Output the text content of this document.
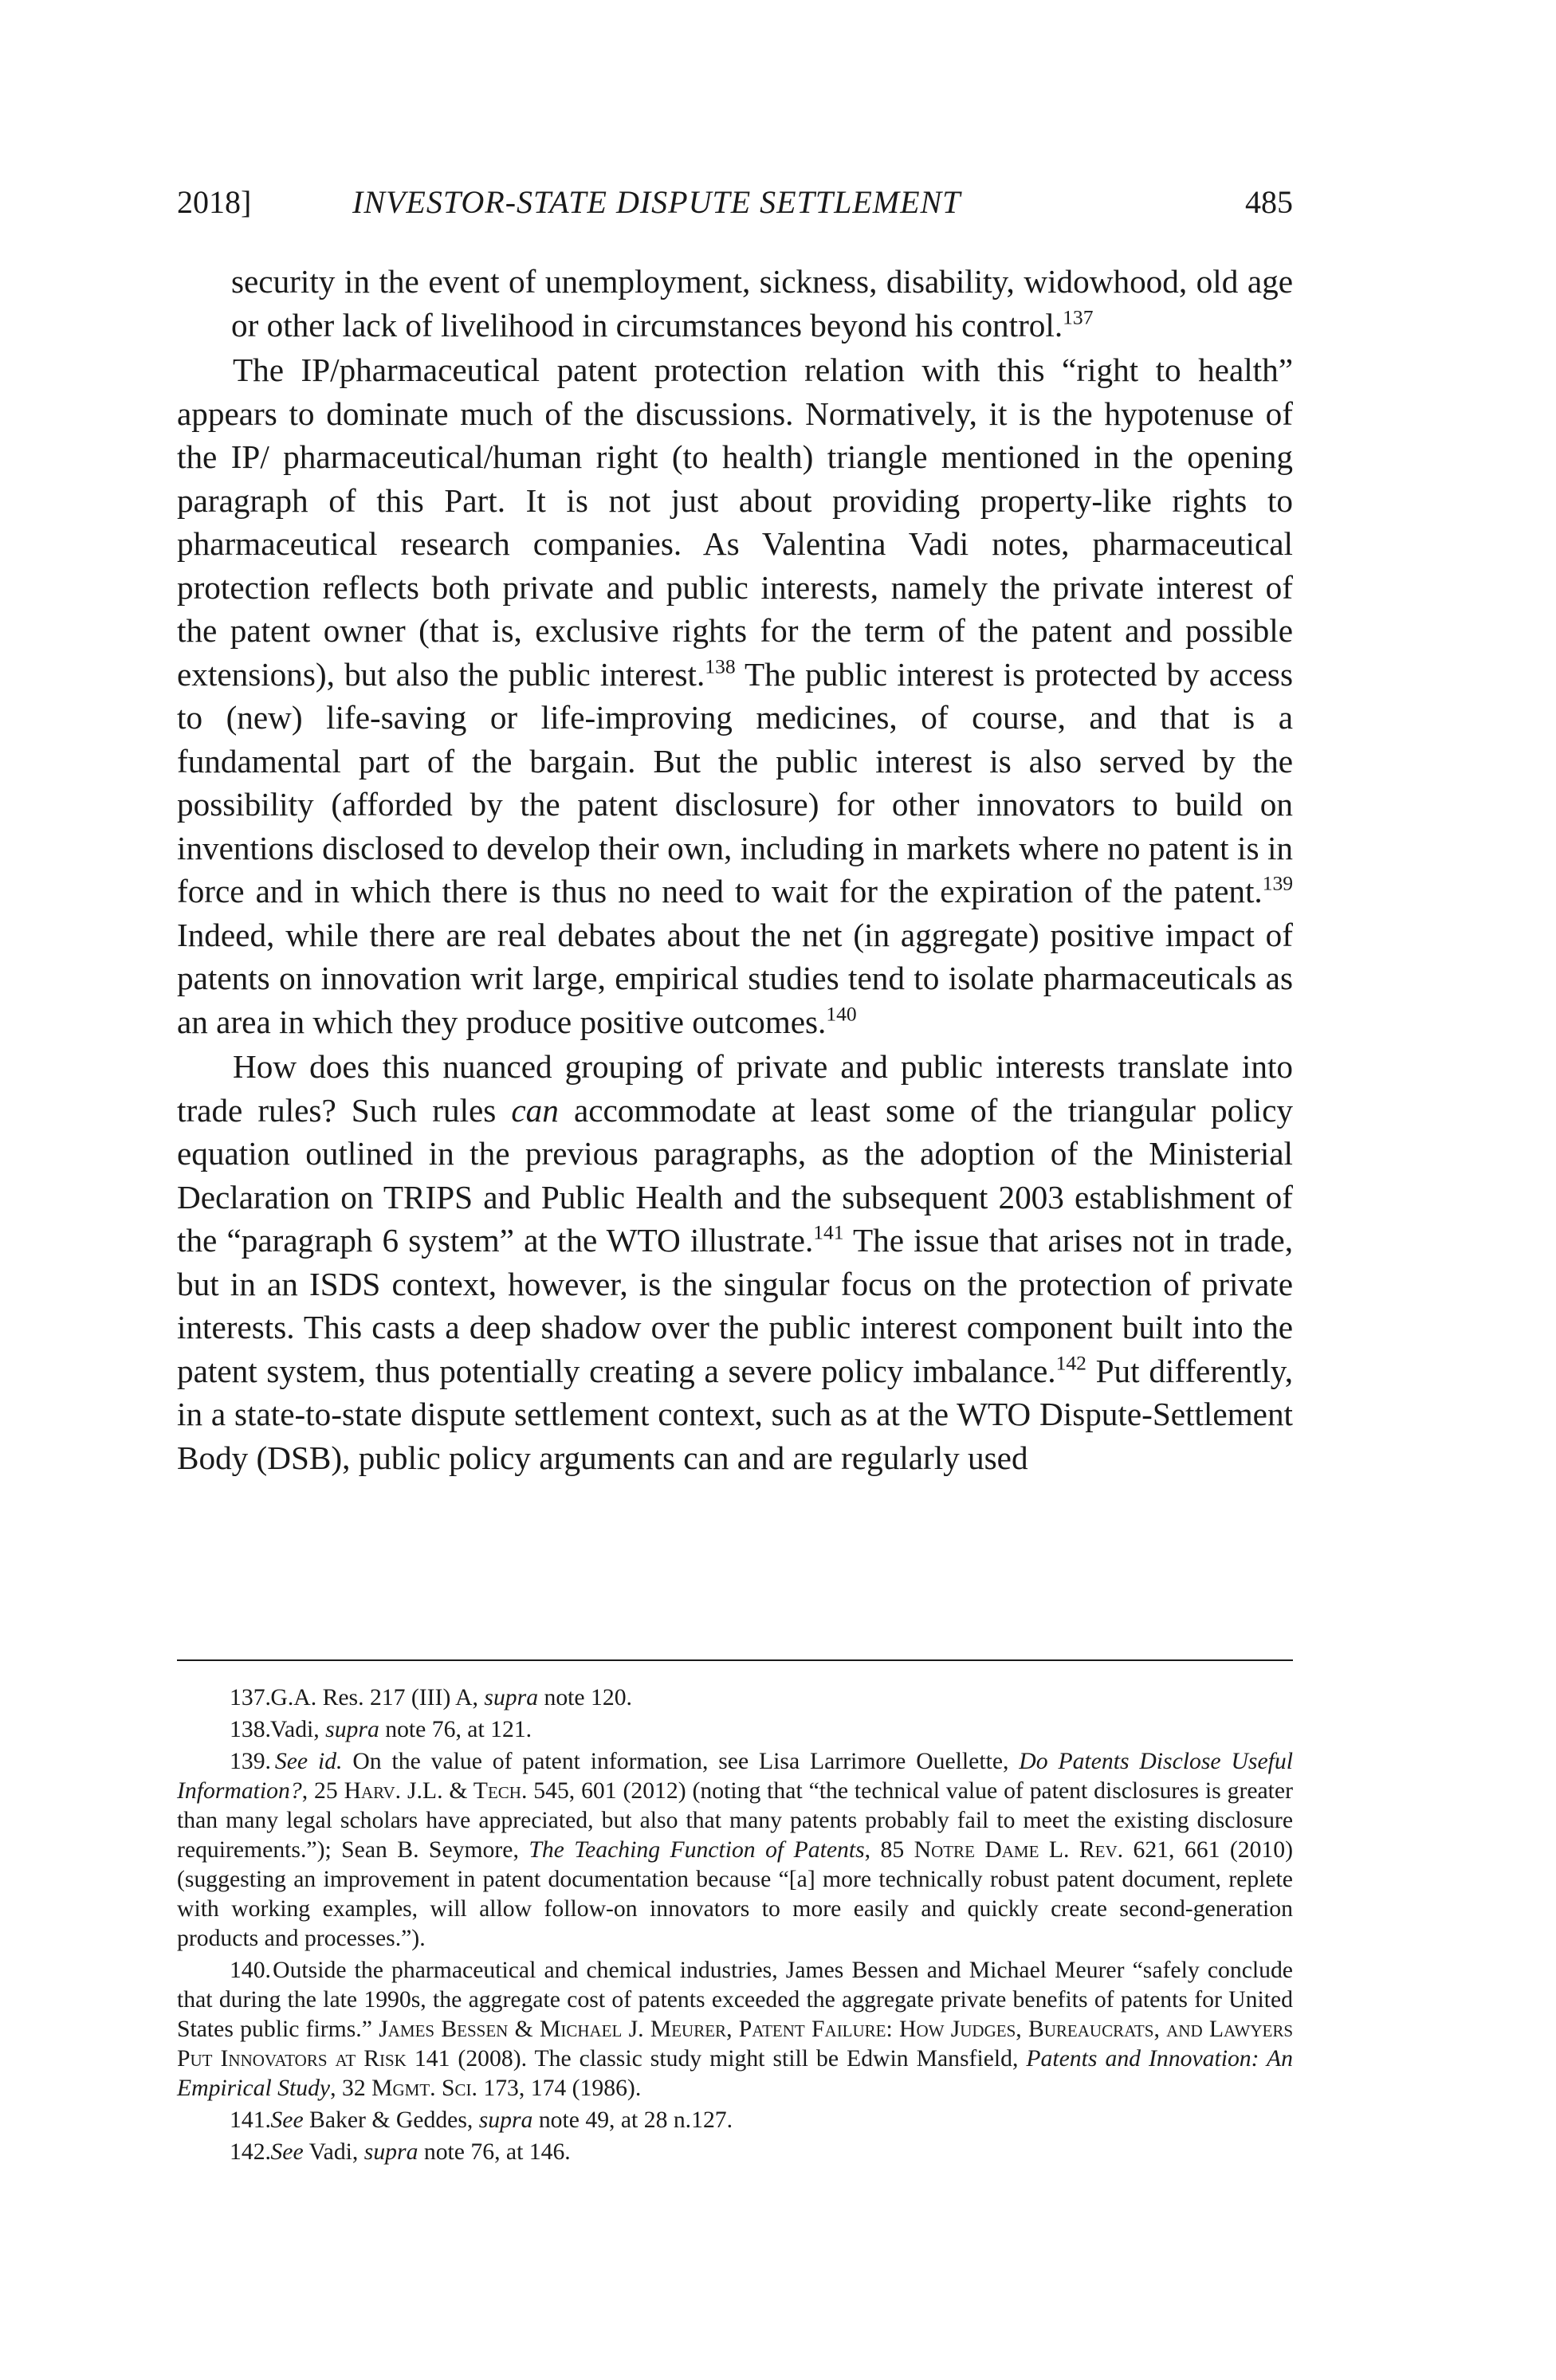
2018]	INVESTOR-STATE DISPUTE SETTLEMENT	485

security in the event of unemployment, sickness, disability, widowhood, old age or other lack of livelihood in circumstances beyond his control.$^{137}$

The IP/pharmaceutical patent protection relation with this “right to health” appears to dominate much of the discussions. Normatively, it is the hypotenuse of the IP/ pharmaceutical/human right (to health) triangle mentioned in the opening paragraph of this Part. It is not just about providing property-like rights to pharmaceutical research companies. As Valentina Vadi notes, pharmaceutical protection reflects both private and public interests, namely the private interest of the patent owner (that is, exclusive rights for the term of the patent and possible extensions), but also the public interest.$^{138}$ The public interest is protected by access to (new) life-saving or life-improving medicines, of course, and that is a fundamental part of the bargain. But the public interest is also served by the possibility (afforded by the patent disclosure) for other innovators to build on inventions disclosed to develop their own, including in markets where no patent is in force and in which there is thus no need to wait for the expiration of the patent.$^{139}$ Indeed, while there are real debates about the net (in aggregate) positive impact of patents on innovation writ large, empirical studies tend to isolate pharmaceuticals as an area in which they produce positive outcomes.$^{140}$

How does this nuanced grouping of private and public interests translate into trade rules? Such rules can accommodate at least some of the triangular policy equation outlined in the previous paragraphs, as the adoption of the Ministerial Declaration on TRIPS and Public Health and the subsequent 2003 establishment of the “paragraph 6 system” at the WTO illustrate.$^{141}$ The issue that arises not in trade, but in an ISDS context, however, is the singular focus on the protection of private interests. This casts a deep shadow over the public interest component built into the patent system, thus potentially creating a severe policy imbalance.$^{142}$ Put differently, in a state-to-state dispute settlement context, such as at the WTO Dispute-Settlement Body (DSB), public policy arguments can and are regularly used

137. G.A. Res. 217 (III) A, supra note 120.

138. Vadi, supra note 76, at 121.

139. See id. On the value of patent information, see Lisa Larrimore Ouellette, Do Patents Disclose Useful Information?, 25 Harv. J.L. & Tech. 545, 601 (2012) (noting that “the technical value of patent disclosures is greater than many legal scholars have appreciated, but also that many patents probably fail to meet the existing disclosure requirements.”); Sean B. Seymore, The Teaching Function of Patents, 85 Notre Dame L. Rev. 621, 661 (2010) (suggesting an improvement in patent documentation because “[a] more technically robust patent document, replete with working examples, will allow follow-on innovators to more easily and quickly create second-generation products and processes.”).

140. Outside the pharmaceutical and chemical industries, James Bessen and Michael Meurer “safely conclude that during the late 1990s, the aggregate cost of patents exceeded the aggregate private benefits of patents for United States public firms.” James Bessen & Michael J. Meurer, Patent Failure: How Judges, Bureaucrats, and Lawyers Put Innovators at Risk 141 (2008). The classic study might still be Edwin Mansfield, Patents and Innovation: An Empirical Study, 32 Mgmt. Sci. 173, 174 (1986).

141. See Baker & Geddes, supra note 49, at 28 n.127.

142. See Vadi, supra note 76, at 146.
